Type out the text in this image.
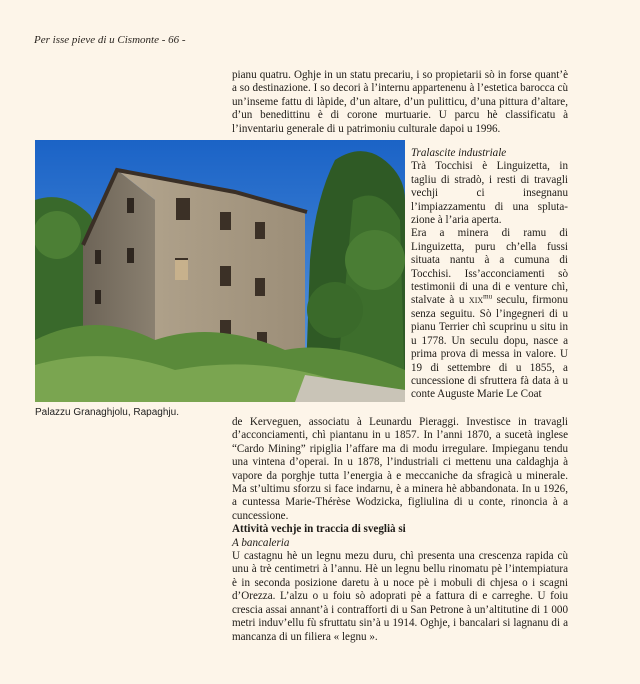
Per isse pieve di u Cismonte - 66 -

pianu quatru. Oghje in un statu precariu, i so propietarii sò in forse quant’è a so destinazione. I so decori à l’internu appartenenu à l’estetica barocca cù un’inseme fattu di làpide, d’un altare, d’un pulitticu, d’una pittura d’altare, d’un benedittinu è di corone murtuarie. U parcu hè classificatu à l’inventariu generale di u patrimoniu culturale dapoi u 1996.

Palazzu Granaghjolu, Rapaghju.

Tralascite industriale

Trà Tocchisi è Linguizetta, in tagliu di stradò, i resti di travagli vechji ci insegnanu l’impiazzamentu di una spluta-zione à l’aria aperta.

Era a minera di ramu di Linguizetta, puru ch’ella fussi situata nantu à a cumuna di Tocchisi. Iss’acconciamenti sò testimonii di una di e venture chì, stalvate à u xix$^{mu}$ seculu, firmonu senza seguitu. Sò l’ingegneri di u pianu Terrier chì scuprinu u situ in u 1778. Un seculu dopu, nasce a prima prova di messa in valore. U 19 di settembre di u 1855, a cuncessione di sfruttera fà data à u conte Auguste Marie Le Coat

de Kerveguen, associatu à Leunardu Pieraggi. Investisce in travagli d’acconciamenti, chì piantanu in u 1857. In l’anni 1870, a sucetà inglese “Cardo Mining” ripiglia l’affare ma di modu irregulare. Impieganu tendu una vintena d’operai. In u 1878, l’industriali ci mettenu una caldaghja à vapore da porghje tutta l’energia à e meccaniche da sfragicà u minerale. Ma st’ultimu sforzu si face indarnu, è a minera hè abbandonata. In u 1926, a cuntessa Marie-Thérèse Wodzicka, figliulina di u conte, rinoncia à a cuncessione.

Attività vechje in traccia di sveglià si

A bancaleria

U castagnu hè un legnu mezu duru, chì presenta una crescenza rapida cù unu à trè centimetri à l’annu. Hè un legnu bellu rinomatu pè l’intempiatura è in seconda posizione daretu à u noce pè i mobuli di chjesa o i scagni d’Orezza. L’alzu o u foiu sò adoprati pè a fattura di e carreghe. U foiu crescia assai annant’à i contrafforti di u San Petrone à un’altitutine di 1 000 metri induv’ellu fù sfruttatu sin’à u 1914. Oghje, i bancalari si lagnanu di a mancanza di un filiera « legnu ».
